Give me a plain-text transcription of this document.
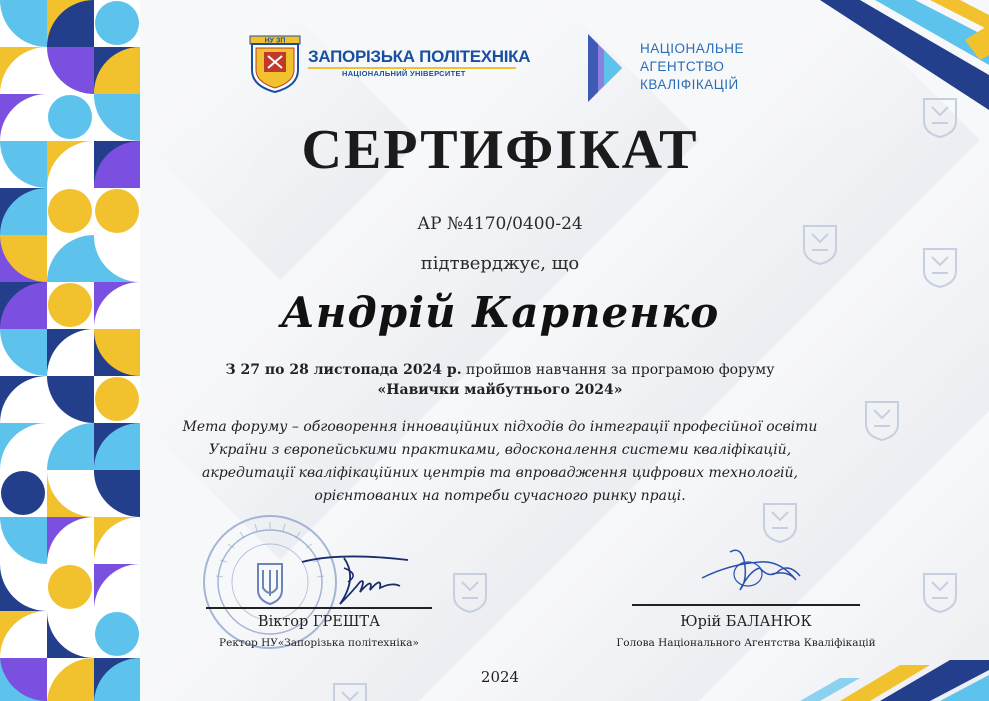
НУ ЗП
ЗАПОРІЗЬКА ПОЛІТЕХНІКА
НАЦІОНАЛЬНИЙ УНІВЕРСИТЕТ
НАЦІОНАЛЬНЕ
АГЕНТСТВО
КВАЛІФІКАЦІЙ
СЕРТИФІКАТ
АР №4170/0400-24
підтверджує, що
Андрій Карпенко
З 27 по 28 листопада 2024 р. пройшов навчання за програмою форуму
«Навички майбутнього 2024»
Мета форуму – обговорення інноваційних підходів до інтеграції професійної освіти
України з європейськими практиками, вдосконалення системи кваліфікацій,
акредитації кваліфікаційних центрів та впровадження цифрових технологій,
орієнтованих на потреби сучасного ринку праці.
Віктор ГРЕШТА
Ректор НУ«Запорізька політехніка»
Юрій БАЛАНЮК
Голова Національного Агентства Кваліфікацій
2024
